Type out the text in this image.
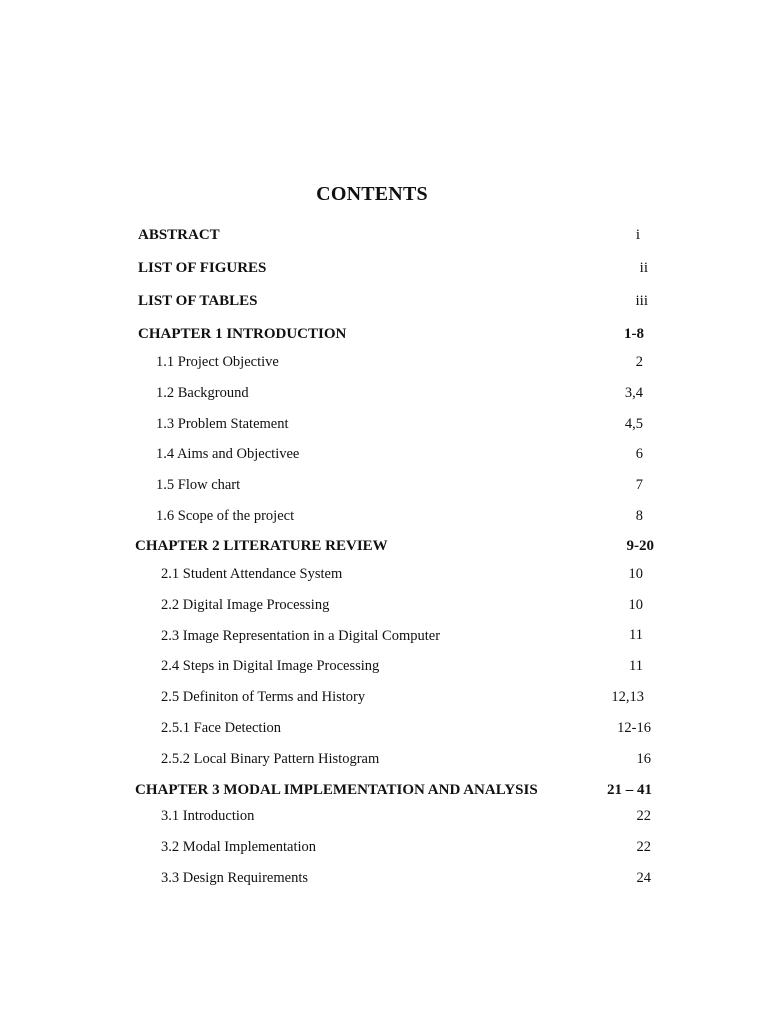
CONTENTS
ABSTRACT	i
LIST OF FIGURES	ii
LIST OF TABLES	iii
CHAPTER 1 INTRODUCTION	1-8
1.1 Project Objective	2
1.2 Background	3,4
1.3 Problem Statement	4,5
1.4 Aims and Objectivee	6
1.5 Flow chart	7
1.6 Scope of the project	8
CHAPTER 2 LITERATURE REVIEW	9-20
2.1 Student Attendance System	10
2.2 Digital Image Processing	10
2.3 Image Representation in a Digital Computer	11
2.4 Steps in Digital Image Processing	11
2.5 Definiton of Terms and History	12,13
2.5.1 Face Detection	12-16
2.5.2 Local Binary Pattern Histogram	16
CHAPTER 3 MODAL IMPLEMENTATION AND ANALYSIS	21 – 41
3.1 Introduction	22
3.2 Modal Implementation	22
3.3 Design Requirements	24
